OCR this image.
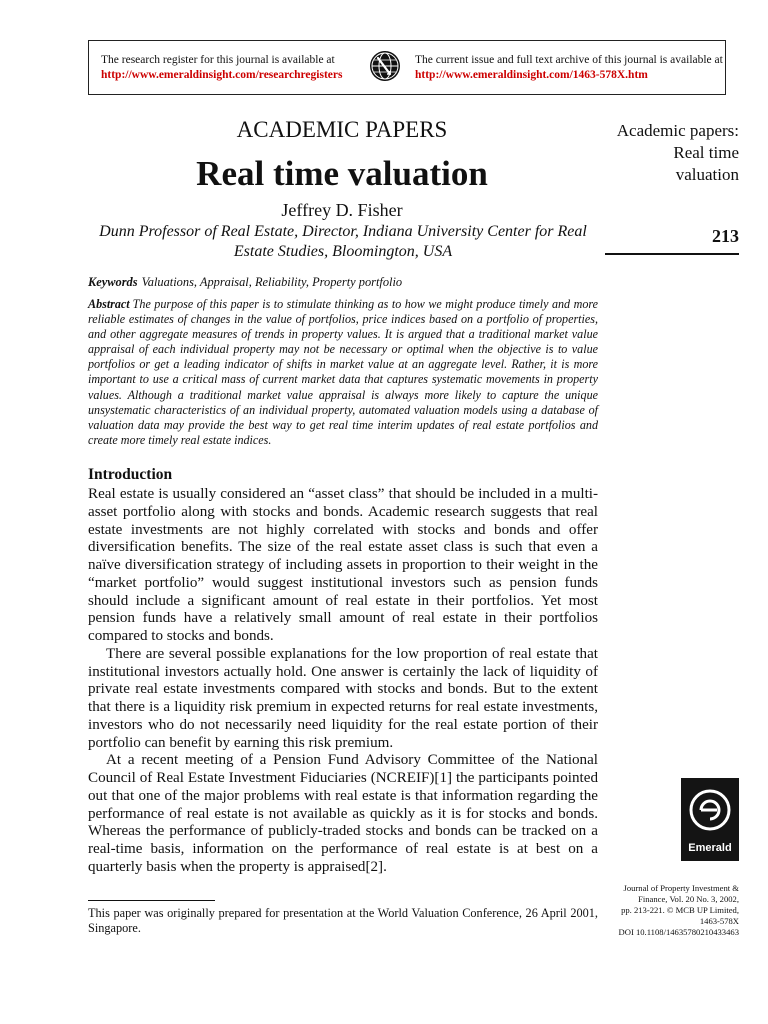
The research register for this journal is available at
http://www.emeraldinsight.com/researchregisters
The current issue and full text archive of this journal is available at
http://www.emeraldinsight.com/1463-578X.htm
ACADEMIC PAPERS
Real time valuation
Jeffrey D. Fisher
Dunn Professor of Real Estate, Director, Indiana University Center for Real Estate Studies, Bloomington, USA
Academic papers:
Real time
valuation
213
Keywords Valuations, Appraisal, Reliability, Property portfolio
Abstract The purpose of this paper is to stimulate thinking as to how we might produce timely and more reliable estimates of changes in the value of portfolios, price indices based on a portfolio of properties, and other aggregate measures of trends in property values. It is argued that a traditional market value appraisal of each individual property may not be necessary or optimal when the objective is to value portfolios or get a leading indicator of shifts in market value at an aggregate level. Rather, it is more important to use a critical mass of current market data that captures systematic movements in property values. Although a traditional market value appraisal is always more likely to capture the unique unsystematic characteristics of an individual property, automated valuation models using a database of valuation data may provide the best way to get real time interim updates of real estate portfolios and create more timely real estate indices.
Introduction

Real estate is usually considered an “asset class” that should be included in a multi-asset portfolio along with stocks and bonds. Academic research suggests that real estate investments are not highly correlated with stocks and bonds and offer diversification benefits. The size of the real estate asset class is such that even a naïve diversification strategy of including assets in proportion to their weight in the “market portfolio” would suggest institutional investors such as pension funds should include a significant amount of real estate in their portfolios. Yet most pension funds have a relatively small amount of real estate in their portfolios compared to stocks and bonds.

There are several possible explanations for the low proportion of real estate that institutional investors actually hold. One answer is certainly the lack of liquidity of private real estate investments compared with stocks and bonds. But to the extent that there is a liquidity risk premium in expected returns for real estate investments, investors who do not necessarily need liquidity for the real estate portion of their portfolio can benefit by earning this risk premium.

At a recent meeting of a Pension Fund Advisory Committee of the National Council of Real Estate Investment Fiduciaries (NCREIF)[1] the participants pointed out that one of the major problems with real estate is that information regarding the performance of real estate is not available as quickly as it is for stocks and bonds. Whereas the performance of publicly-traded stocks and bonds can be tracked on a real-time basis, information on the performance of real estate is at best on a quarterly basis when the property is appraised[2].

This paper was originally prepared for presentation at the World Valuation Conference, 26 April 2001, Singapore.
Emerald
Journal of Property Investment &
Finance, Vol. 20 No. 3, 2002,
pp. 213-221. © MCB UP Limited,
1463-578X
DOI 10.1108/14635780210433463
